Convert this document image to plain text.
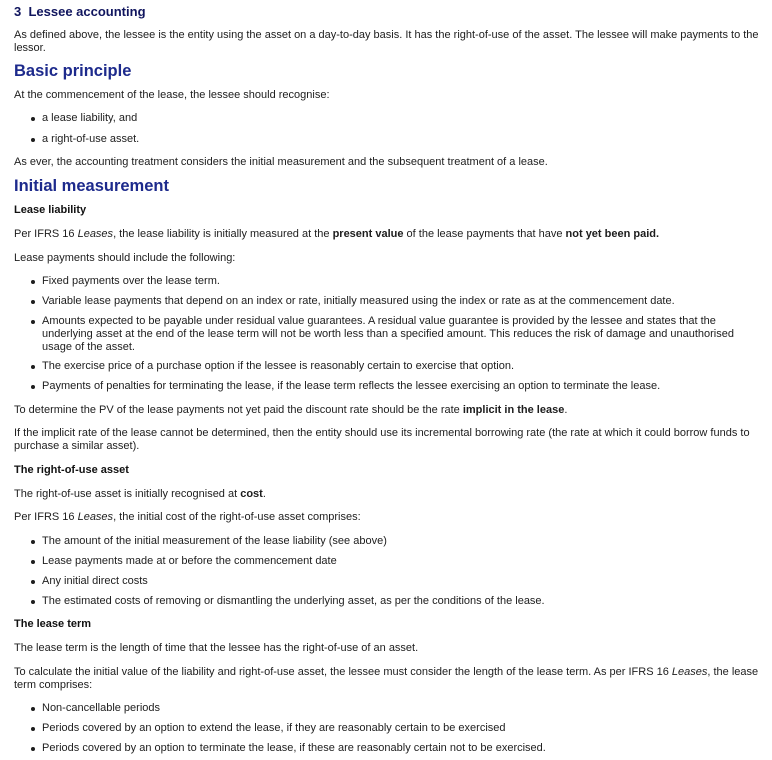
3 Lessee accounting

As defined above, the lessee is the entity using the asset on a day-to-day basis. It has the right-of-use of the asset. The lessee will make payments to the lessor.

Basic principle

At the commencement of the lease, the lessee should recognise:

a lease liability, and
a right-of-use asset.

As ever, the accounting treatment considers the initial measurement and the subsequent treatment of a lease.

Initial measurement
Lease liability

Per IFRS 16 Leases, the lease liability is initially measured at the present value of the lease payments that have not yet been paid.

Lease payments should include the following:

Fixed payments over the lease term.
Variable lease payments that depend on an index or rate, initially measured using the index or rate as at the commencement date.
Amounts expected to be payable under residual value guarantees. A residual value guarantee is provided by the lessee and states that the underlying asset at the end of the lease term will not be worth less than a specified amount. This reduces the risk of damage and unauthorised usage of the asset.
The exercise price of a purchase option if the lessee is reasonably certain to exercise that option.
Payments of penalties for terminating the lease, if the lease term reflects the lessee exercising an option to terminate the lease.

To determine the PV of the lease payments not yet paid the discount rate should be the rate implicit in the lease.

If the implicit rate of the lease cannot be determined, then the entity should use its incremental borrowing rate (the rate at which it could borrow funds to purchase a similar asset).

The right-of-use asset

The right-of-use asset is initially recognised at cost.

Per IFRS 16 Leases, the initial cost of the right-of-use asset comprises:

The amount of the initial measurement of the lease liability (see above)
Lease payments made at or before the commencement date
Any initial direct costs
The estimated costs of removing or dismantling the underlying asset, as per the conditions of the lease.
The lease term

The lease term is the length of time that the lessee has the right-of-use of an asset.

To calculate the initial value of the liability and right-of-use asset, the lessee must consider the length of the lease term. As per IFRS 16 Leases, the lease term comprises:

Non-cancellable periods
Periods covered by an option to extend the lease, if they are reasonably certain to be exercised
Periods covered by an option to terminate the lease, if these are reasonably certain not to be exercised.
